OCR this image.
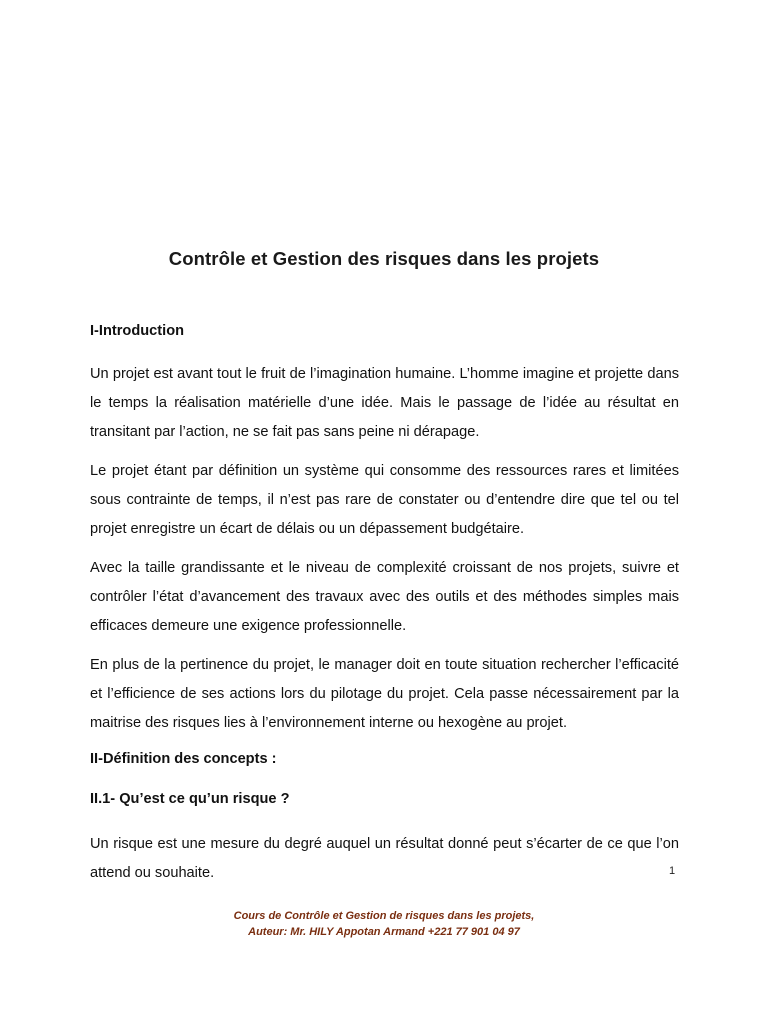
Contrôle et Gestion des risques dans les projets

I-Introduction

Un projet est avant tout le fruit de l’imagination humaine. L’homme imagine et projette dans le temps la réalisation matérielle d’une idée. Mais le passage de l’idée au résultat en transitant par l’action, ne se fait pas sans peine ni dérapage.

Le projet étant par définition un système qui consomme des ressources rares et limitées sous contrainte de temps, il n’est pas rare de constater ou d’entendre dire que tel ou tel projet enregistre un écart de délais ou un dépassement budgétaire.

Avec la taille grandissante et le niveau de complexité croissant de nos projets, suivre et contrôler l’état d’avancement des travaux avec des outils et des méthodes simples mais efficaces demeure une exigence professionnelle.

En plus de la pertinence du projet, le manager doit en toute situation rechercher l’efficacité et l’efficience de ses actions lors du pilotage du projet. Cela passe nécessairement par la maitrise des risques lies à l’environnement interne ou hexogène au projet.

II-Définition des concepts :

II.1- Qu’est ce qu’un risque ?

Un risque est une mesure du degré auquel un résultat donné peut s’écarter de ce que l’on attend ou souhaite.	1
Cours de Contrôle et Gestion de risques dans les projets,
Auteur: Mr. HILY Appotan Armand +221 77 901 04 97
